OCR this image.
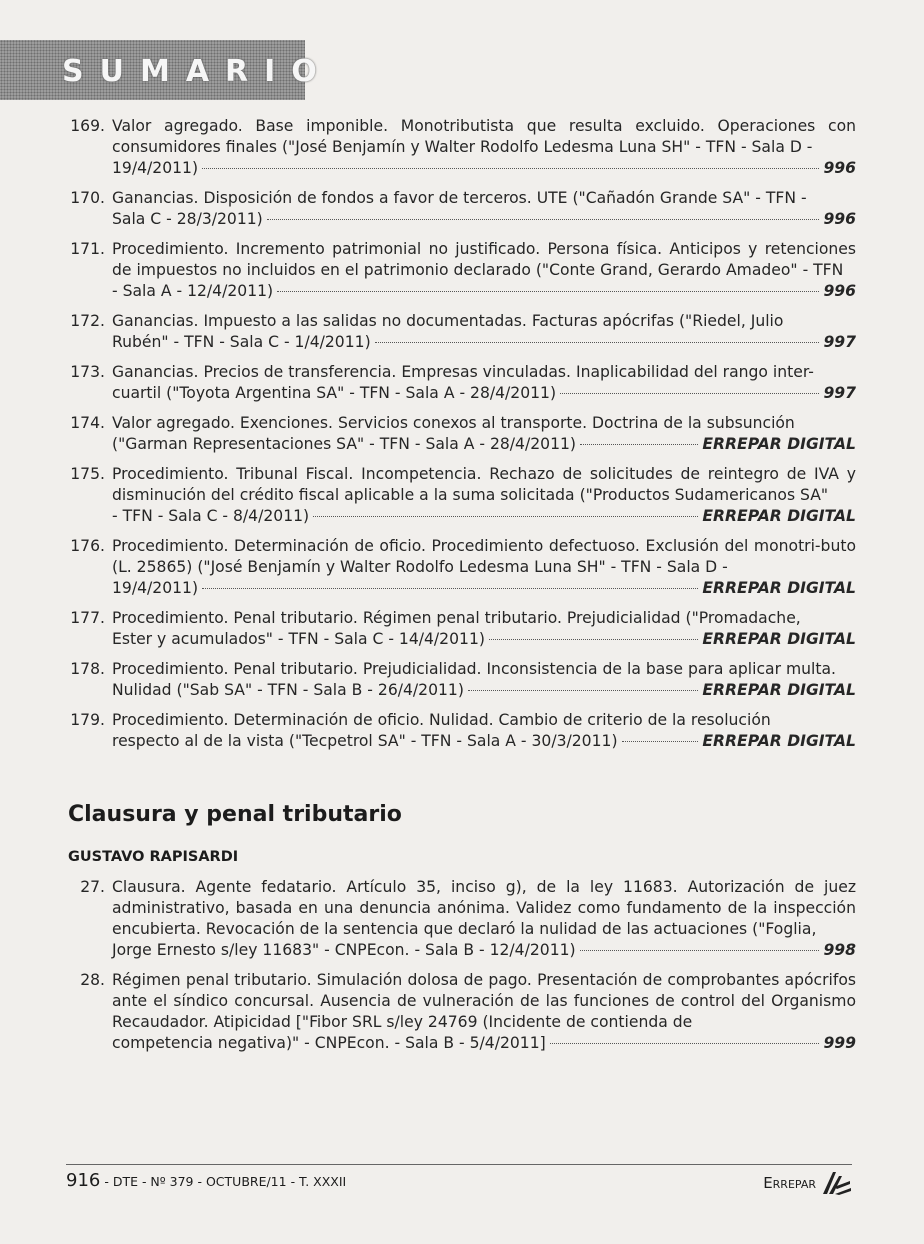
SUMARIO
169. Valor agregado. Base imponible. Monotributista que resulta excluido. Operaciones con consumidores finales ("José Benjamín y Walter Rodolfo Ledesma Luna SH" - TFN - Sala D -
19/4/2011)	996
170. Ganancias. Disposición de fondos a favor de terceros. UTE ("Cañadón Grande SA" - TFN -
Sala C - 28/3/2011)	996
171. Procedimiento. Incremento patrimonial no justificado. Persona física. Anticipos y retenciones de impuestos no incluidos en el patrimonio declarado ("Conte Grand, Gerardo Amadeo" - TFN
- Sala A - 12/4/2011)	996
172. Ganancias. Impuesto a las salidas no documentadas. Facturas apócrifas ("Riedel, Julio
Rubén" - TFN - Sala C - 1/4/2011)	997
173. Ganancias. Precios de transferencia. Empresas vinculadas. Inaplicabilidad del rango inter-
cuartil ("Toyota Argentina SA" - TFN - Sala A - 28/4/2011)	997
174. Valor agregado. Exenciones. Servicios conexos al transporte. Doctrina de la subsunción
("Garman Representaciones SA" - TFN - Sala A - 28/4/2011)	ERREPAR DIGITAL
175. Procedimiento. Tribunal Fiscal. Incompetencia. Rechazo de solicitudes de reintegro de IVA y disminución del crédito fiscal aplicable a la suma solicitada ("Productos Sudamericanos SA"
- TFN - Sala C - 8/4/2011)	ERREPAR DIGITAL
176. Procedimiento. Determinación de oficio. Procedimiento defectuoso. Exclusión del monotri-buto (L. 25865) ("José Benjamín y Walter Rodolfo Ledesma Luna SH" - TFN - Sala D -
19/4/2011)	ERREPAR DIGITAL
177. Procedimiento. Penal tributario. Régimen penal tributario. Prejudicialidad ("Promadache,
Ester y acumulados" - TFN - Sala C - 14/4/2011)	ERREPAR DIGITAL
178. Procedimiento. Penal tributario. Prejudicialidad. Inconsistencia de la base para aplicar multa.
Nulidad ("Sab SA" - TFN - Sala B - 26/4/2011)	ERREPAR DIGITAL
179. Procedimiento. Determinación de oficio. Nulidad. Cambio de criterio de la resolución
respecto al de la vista ("Tecpetrol SA" - TFN - Sala A - 30/3/2011)	ERREPAR DIGITAL
Clausura y penal tributario
GUSTAVO RAPISARDI
27. Clausura. Agente fedatario. Artículo 35, inciso g), de la ley 11683. Autorización de juez administrativo, basada en una denuncia anónima. Validez como fundamento de la inspección encubierta. Revocación de la sentencia que declaró la nulidad de las actuaciones ("Foglia,
Jorge Ernesto s/ley 11683" - CNPEcon. - Sala B - 12/4/2011)	998
28. Régimen penal tributario. Simulación dolosa de pago. Presentación de comprobantes apócrifos ante el síndico concursal. Ausencia de vulneración de las funciones de control del Organismo Recaudador. Atipicidad ["Fibor SRL s/ley 24769 (Incidente de contienda de
competencia negativa)" - CNPEcon. - Sala B - 5/4/2011]	999
916 - DTE - Nº 379 - OCTUBRE/11 - T. XXXII	Errepar
